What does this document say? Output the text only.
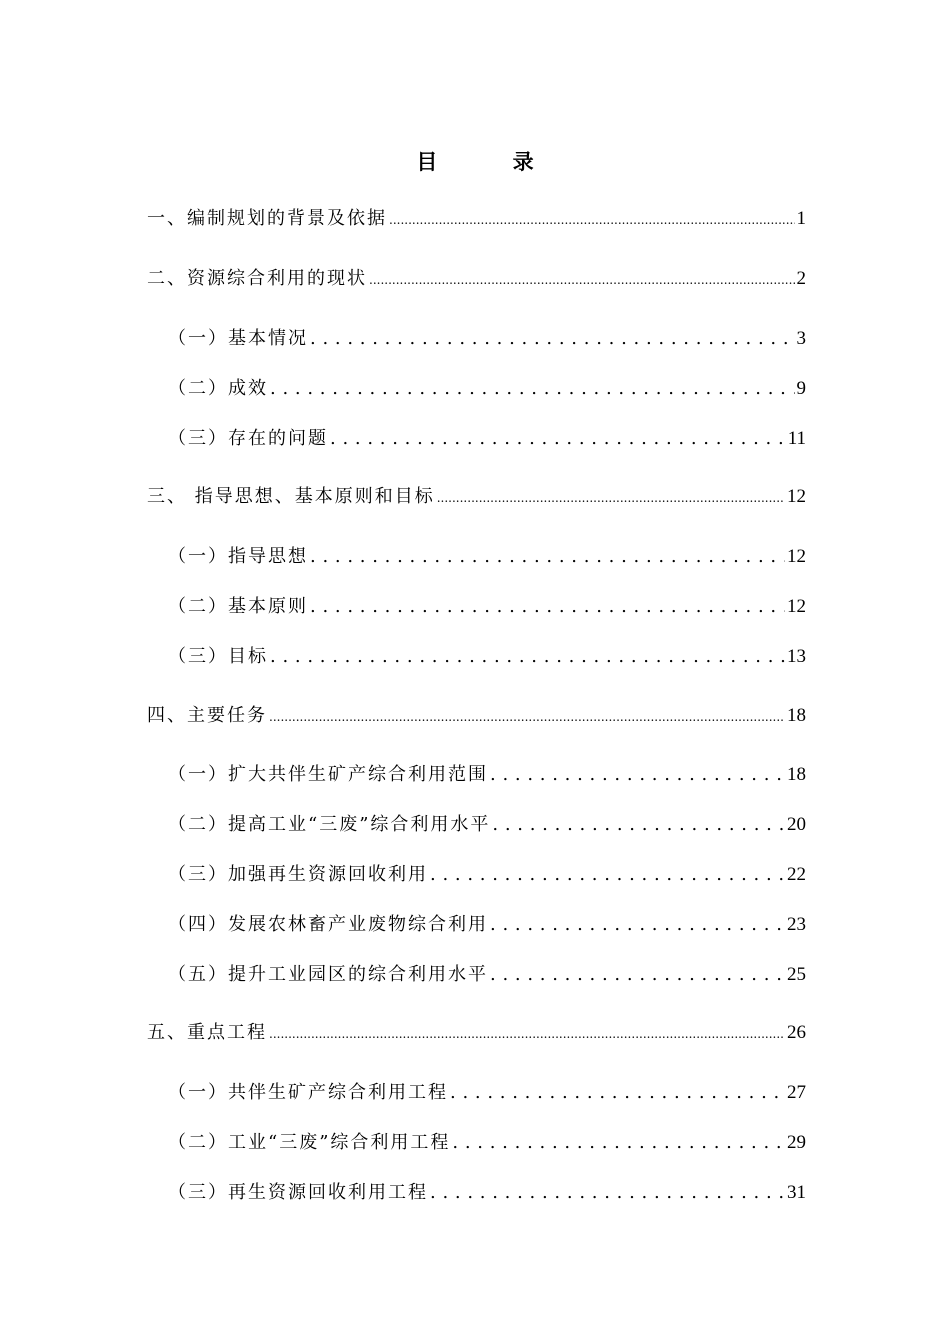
目 录
一、编制规划的背景及依据 .....	1
二、资源综合利用的现状 .....	2
（一）基本情况 . . .	3
（二）成效 . . .	9
（三）存在的问题 . . .	11
三、 指导思想、基本原则和目标 .....	12
（一）指导思想 . . .	12
（二）基本原则 . . .	12
（三）目标 . . .	13
四、主要任务 .....	18
（一）扩大共伴生矿产综合利用范围 . . .	18
（二）提高工业“三废”综合利用水平 . . .	20
（三）加强再生资源回收利用 . . .	22
（四）发展农林畜产业废物综合利用 . . .	23
（五）提升工业园区的综合利用水平 . . .	25
五、重点工程 .....	26
（一）共伴生矿产综合利用工程 . . .	27
（二）工业“三废”综合利用工程 . . .	29
（三）再生资源回收利用工程 . . .	31
